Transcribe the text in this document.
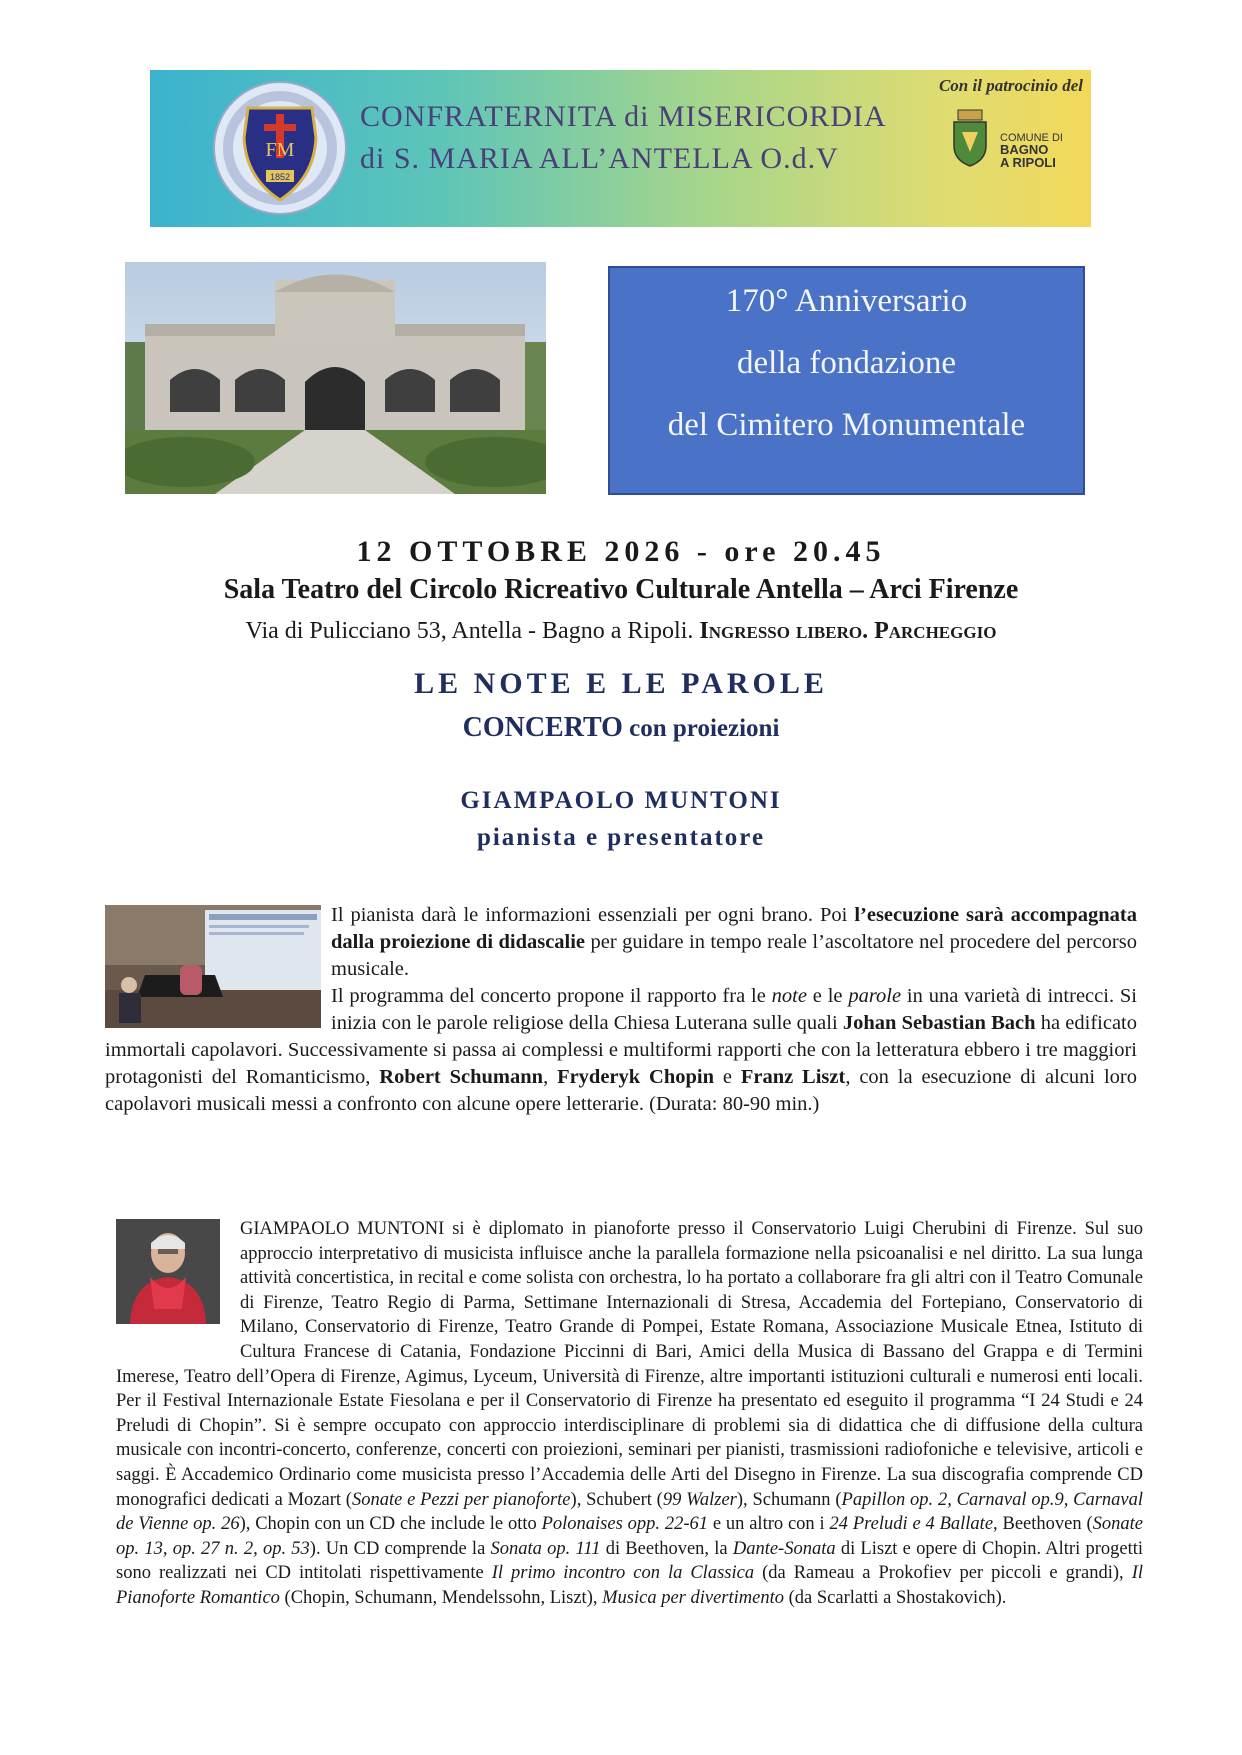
FM
1852
CONFRATERNITA di MISERICORDIA
di S. MARIA ALL’ANTELLA O.d.V
Con il patrocinio del
COMUNE DI
BAGNO
A RIPOLI
170° Anniversario
della fondazione
del Cimitero Monumentale
12 OTTOBRE 2026 - ore 20.45
Sala Teatro del Circolo Ricreativo Culturale Antella – Arci Firenze
Via di Pulicciano 53, Antella - Bagno a Ripoli. Ingresso libero. Parcheggio
LE NOTE E LE PAROLE
CONCERTO con proiezioni
GIAMPAOLO MUNTONI
pianista e presentatore

Il pianista darà le informazioni essenziali per ogni brano. Poi l’esecuzione sarà accompagnata dalla proiezione di didascalie per guidare in tempo reale l’ascoltatore nel procedere del percorso musicale.

Il programma del concerto propone il rapporto fra le note e le parole in una varietà di intrecci. Si inizia con le parole religiose della Chiesa Luterana sulle quali Johan Sebastian Bach ha edificato immortali capolavori. Successivamente si passa ai complessi e multiformi rapporti che con la letteratura ebbero i tre maggiori protagonisti del Romanticismo, Robert Schumann, Fryderyk Chopin e Franz Liszt, con la esecuzione di alcuni loro capolavori musicali messi a confronto con alcune opere letterarie. (Durata: 80-90 min.)

GIAMPAOLO MUNTONI si è diplomato in pianoforte presso il Conservatorio Luigi Cherubini di Firenze. Sul suo approccio interpretativo di musicista influisce anche la parallela formazione nella psicoanalisi e nel diritto. La sua lunga attività concertistica, in recital e come solista con orchestra, lo ha portato a collaborare fra gli altri con il Teatro Comunale di Firenze, Teatro Regio di Parma, Settimane Internazionali di Stresa, Accademia del Fortepiano, Conservatorio di Milano, Conservatorio di Firenze, Teatro Grande di Pompei, Estate Romana, Associazione Musicale Etnea, Istituto di Cultura Francese di Catania, Fondazione Piccinni di Bari, Amici della Musica di Bassano del Grappa e di Termini Imerese, Teatro dell’Opera di Firenze, Agimus, Lyceum, Università di Firenze, altre importanti istituzioni culturali e numerosi enti locali. Per il Festival Internazionale Estate Fiesolana e per il Conservatorio di Firenze ha presentato ed eseguito il programma “I 24 Studi e 24 Preludi di Chopin”. Si è sempre occupato con approccio interdisciplinare di problemi sia di didattica che di diffusione della cultura musicale con incontri-concerto, conferenze, concerti con proiezioni, seminari per pianisti, trasmissioni radiofoniche e televisive, articoli e saggi. È Accademico Ordinario come musicista presso l’Accademia delle Arti del Disegno in Firenze. La sua discografia comprende CD monografici dedicati a Mozart (Sonate e Pezzi per pianoforte), Schubert (99 Walzer), Schumann (Papillon op. 2, Carnaval op.9, Carnaval de Vienne op. 26), Chopin con un CD che include le otto Polonaises opp. 22-61 e un altro con i 24 Preludi e 4 Ballate, Beethoven (Sonate op. 13, op. 27 n. 2, op. 53). Un CD comprende la Sonata op. 111 di Beethoven, la Dante-Sonata di Liszt e opere di Chopin. Altri progetti sono realizzati nei CD intitolati rispettivamente Il primo incontro con la Classica (da Rameau a Prokofiev per piccoli e grandi), Il Pianoforte Romantico (Chopin, Schumann, Mendelssohn, Liszt), Musica per divertimento (da Scarlatti a Shostakovich).
